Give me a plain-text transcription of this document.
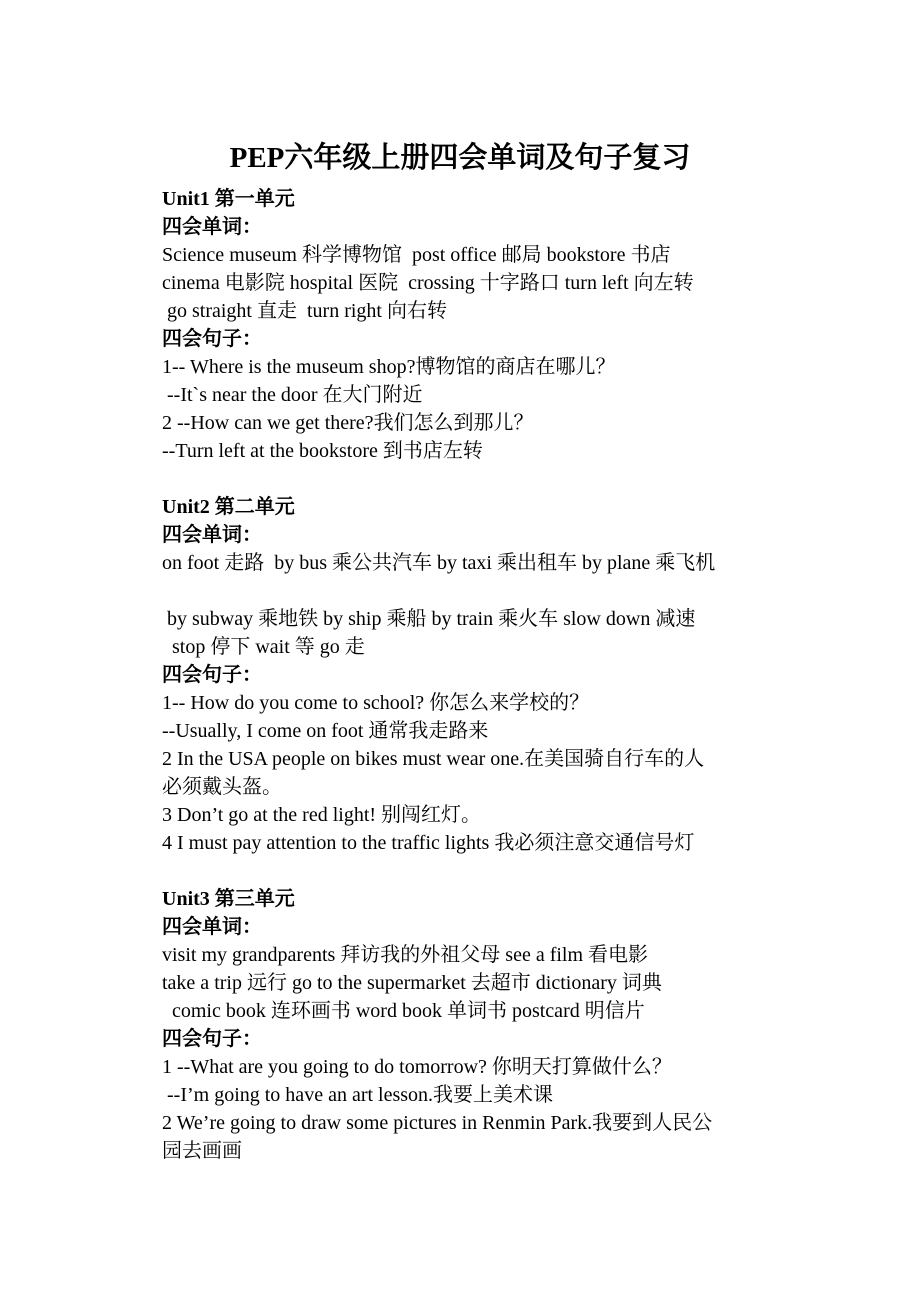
PEP六年级上册四会单词及句子复习
Unit1 第一单元
四会单词：
Science museum 科学博物馆  post office 邮局 bookstore 书店
cinema 电影院 hospital 医院  crossing 十字路口 turn left 向左转
go straight 直走  turn right 向右转
四会句子：
1-- Where is the museum shop?博物馆的商店在哪儿？
--It`s near the door 在大门附近
2 --How can we get there?我们怎么到那儿？
--Turn left at the bookstore 到书店左转
Unit2 第二单元
四会单词：
on foot 走路  by bus 乘公共汽车 by taxi 乘出租车 by plane 乘飞机
by subway 乘地铁 by ship 乘船 by train 乘火车 slow down 减速
stop 停下 wait 等 go 走
四会句子：
1-- How do you come to school? 你怎么来学校的？
--Usually, I come on foot 通常我走路来
2 In the USA people on bikes must wear one.在美国骑自行车的人
必须戴头盔。
3 Don’t go at the red light! 别闯红灯。
4 I must pay attention to the traffic lights 我必须注意交通信号灯
Unit3 第三单元
四会单词：
visit my grandparents 拜访我的外祖父母 see a film 看电影
take a trip 远行 go to the supermarket 去超市 dictionary 词典
comic book 连环画书 word book 单词书 postcard 明信片
四会句子：
1 --What are you going to do tomorrow? 你明天打算做什么？
--I’m going to have an art lesson.我要上美术课
2 We’re going to draw some pictures in Renmin Park.我要到人民公
园去画画
